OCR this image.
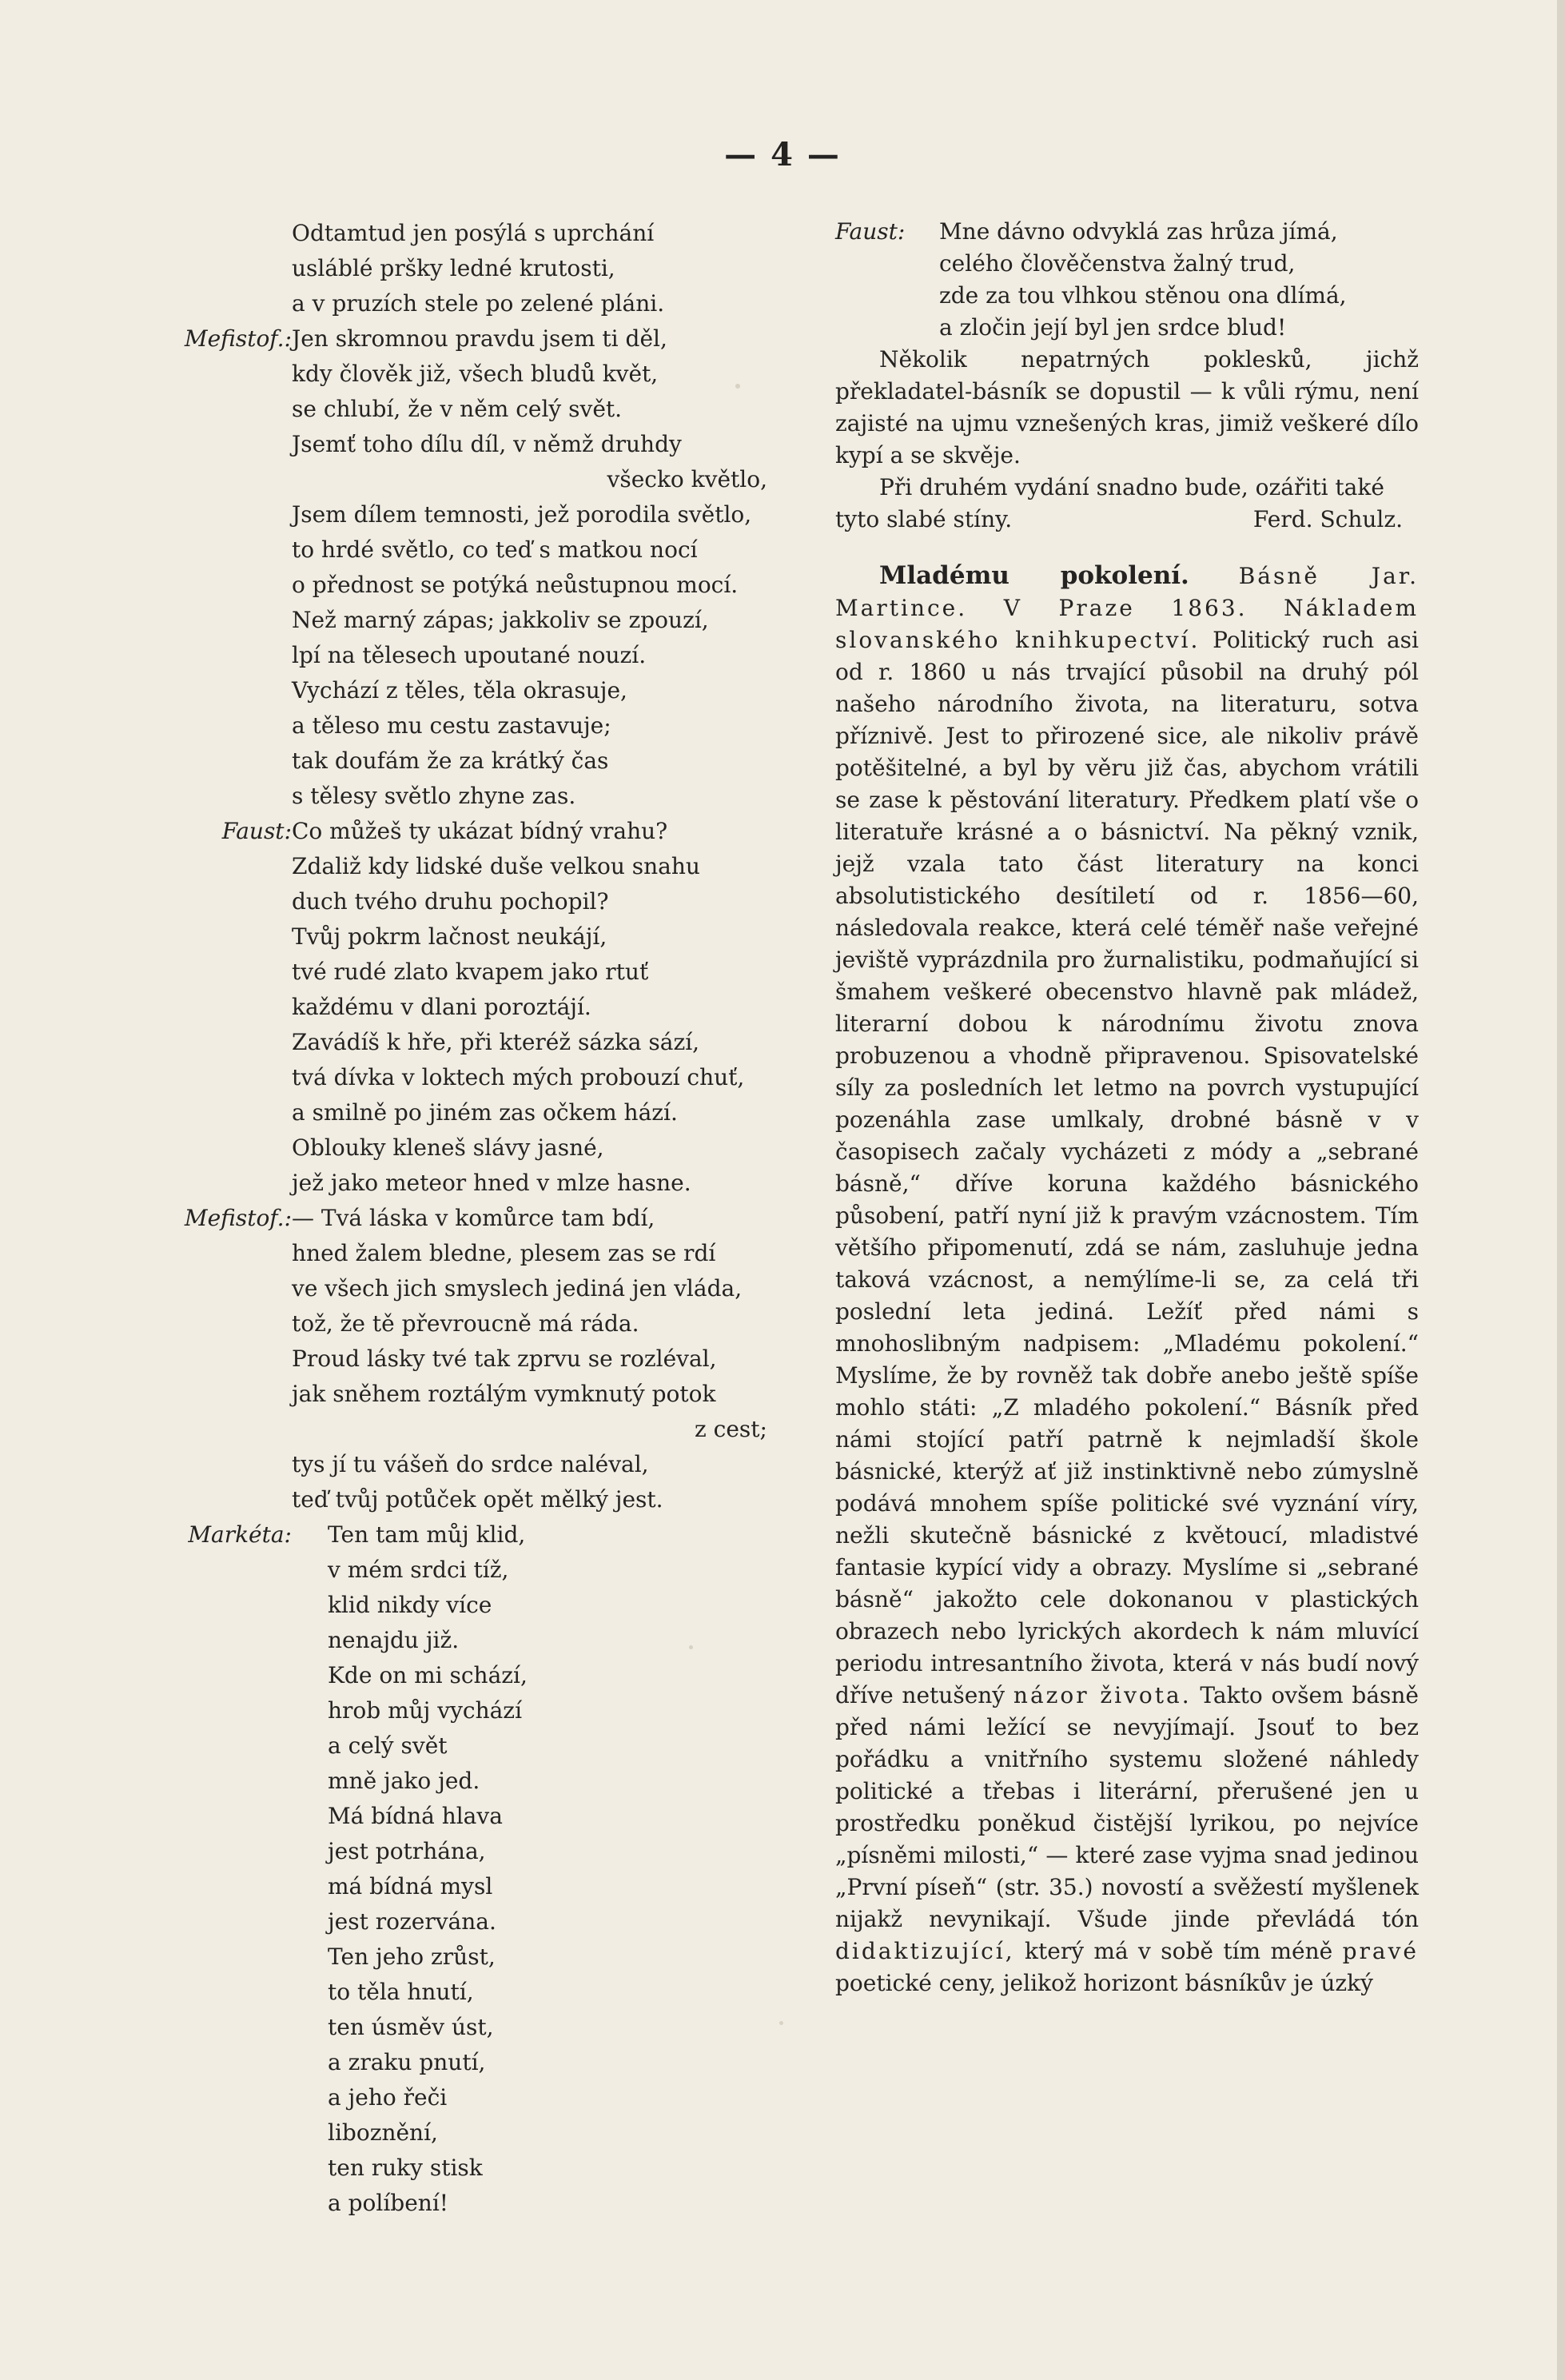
— 4 —
Odtamtud jen posýlá s uprchání
usláblé pršky ledné krutosti,
a v pruzích stele po zelené pláni.
Mefistof.: Jen skromnou pravdu jsem ti děl,
kdy člověk již, všech bludů květ,
se chlubí, že v něm celý svět.
Jsemť toho dílu díl, v němž druhdy
všecko květlo,
Jsem dílem temnosti, jež porodila světlo,
to hrdé světlo, co teď s matkou nocí
o přednost se potýká neůstupnou mocí.
Než marný zápas; jakkoliv se zpouzí,
lpí na tělesech upoutané nouzí.
Vychází z těles, těla okrasuje,
a těleso mu cestu zastavuje;
tak doufám že za krátký čas
s tělesy světlo zhyne zas.
Faust: Co můžeš ty ukázat bídný vrahu?
Zdaliž kdy lidské duše velkou snahu
duch tvého druhu pochopil?
Tvůj pokrm lačnost neukájí,
tvé rudé zlato kvapem jako rtuť
každému v dlani poroztájí.
Zavádíš k hře, při kteréž sázka sází,
tvá dívka v loktech mých probouzí chuť,
a smilně po jiném zas očkem hází.
Oblouky kleneš slávy jasné,
jež jako meteor hned v mlze hasne.
Mefistof.: — Tvá láska v komůrce tam bdí,
hned žalem bledne, plesem zas se rdí
ve všech jich smyslech jediná jen vláda,
tož, že tě převroucně má ráda.
Proud lásky tvé tak zprvu se rozléval,
jak sněhem roztálým vymknutý potok
z cest;
tys jí tu vášeň do srdce naléval,
teď tvůj potůček opět mělký jest.
Markéta: Ten tam můj klid,
v mém srdci tíž,
klid nikdy více
nenajdu již.
Kde on mi schází,
hrob můj vychází
a celý svět
mně jako jed.
Má bídná hlava
jest potrhána,
má bídná mysl
jest rozervána.
Ten jeho zrůst,
to těla hnutí,
ten úsměv úst,
a zraku pnutí,
a jeho řeči
liboznění,
ten ruky stisk
a políbení!
Faust: Mne dávno odvyklá zas hrůza jímá,
celého člověčenstva žalný trud,
zde za tou vlhkou stěnou ona dlímá,
a zločin její byl jen srdce blud!

Několik nepatrných poklesků, jichž překladatel-básník se dopustil — k vůli rýmu, není zajisté na ujmu vznešených kras, jimiž veškeré dílo kypí a se skvěje.

Při druhém vydání snadno bude, ozářiti také

tyto slabé stíny.	Ferd. Schulz.

Mladému pokolení. Básně Jar. Martince. V Praze 1863. Nákladem slovanského knihkupectví. Politický ruch asi od r. 1860 u nás trvající působil na druhý pól našeho národního života, na literaturu, sotva příznivě. Jest to přirozené sice, ale nikoliv právě potěšitelné, a byl by věru již čas, abychom vrátili se zase k pěstování literatury. Předkem platí vše o literatuře krásné a o básnictví. Na pěkný vznik, jejž vzala tato část literatury na konci absolutistického desítiletí od r. 1856—60, následovala reakce, která celé téměř naše veřejné jeviště vyprázdnila pro žurnalistiku, podmaňující si šmahem veškeré obecenstvo hlavně pak mládež, literarní dobou k národnímu životu znova probuzenou a vhodně připravenou. Spisovatelské síly za posledních let letmo na povrch vystupující pozenáhla zase umlkaly, drobné básně v v časopisech začaly vycházeti z módy a „sebrané básně,“ dříve koruna každého básnického působení, patří nyní již k pravým vzácnostem. Tím většího připomenutí, zdá se nám, zasluhuje jedna taková vzácnost, a nemýlíme-li se, za celá tři poslední leta jediná. Ležíť před námi s mnohoslibným nadpisem: „Mladému pokolení.“ Myslíme, že by rovněž tak dobře anebo ještě spíše mohlo státi: „Z mladého pokolení.“ Básník před námi stojící patří patrně k nejmladší škole básnické, kterýž ať již instinktivně nebo zúmyslně podává mnohem spíše politické své vyznání víry, nežli skutečně básnické z květoucí, mladistvé fantasie kypící vidy a obrazy. Myslíme si „sebrané básně“ jakožto cele dokonanou v plastických obrazech nebo lyrických akordech k nám mluvící periodu intresantního života, která v nás budí nový dříve netušený názor života. Takto ovšem básně před námi ležící se nevyjímají. Jsouť to bez pořádku a vnitřního systemu složené náhledy politické a třebas i literární, přerušené jen u prostředku poněkud čistější lyrikou, po nejvíce „písněmi milosti,“ — které zase vyjma snad jedinou „První píseň“ (str. 35.) novostí a svěžestí myšlenek nijakž nevynikají. Všude jinde převládá tón didaktizující, který má v sobě tím méně pravé poetické ceny, jelikož horizont básníkův je úzký
